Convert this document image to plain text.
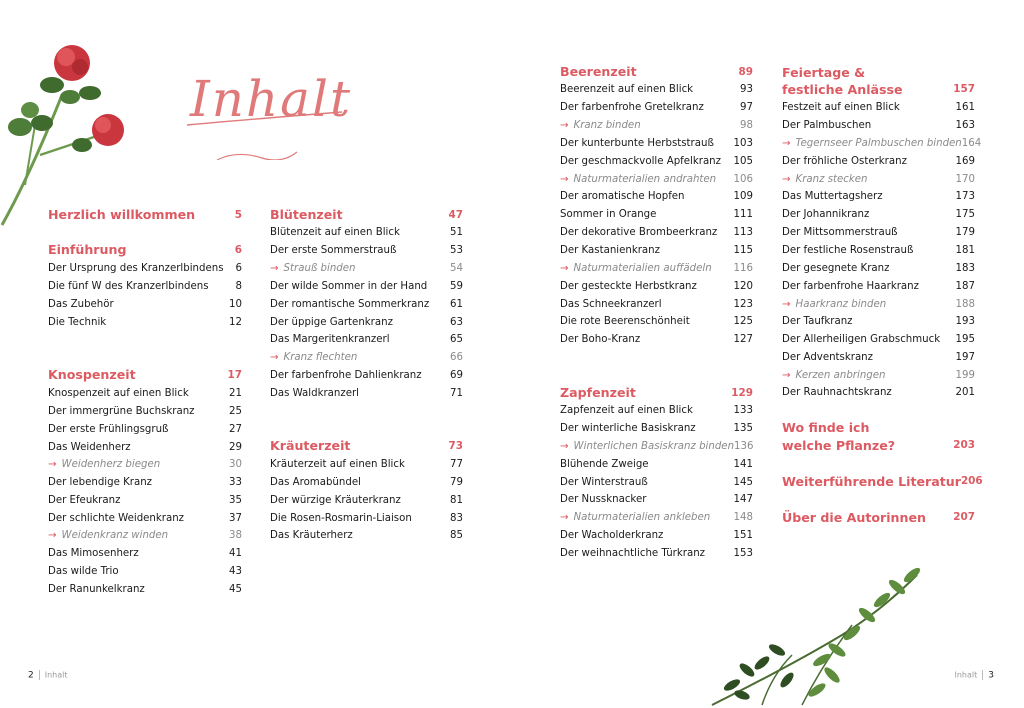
Inhalt
Herzlich willkommen	5
Einführung	6
Der Ursprung des Kranzerlbindens 6
Die fünf W des Kranzerlbindens	8
Das Zubehör	10
Die Technik	12
Knospenzeit	17
Knospenzeit auf einen Blick	21
Der immergrüne Buchskranz	25
Der erste Frühlingsgruß	27
Das Weidenherz	29
→ Weidenherz biegen	30
Der lebendige Kranz	33
Der Efeukranz	35
Der schlichte Weidenkranz	37
→ Weidenkranz winden	38
Das Mimosenherz	41
Das wilde Trio	43
Der Ranunkelkranz	45
Blütenzeit	47
Blütenzeit auf einen Blick	51
Der erste Sommerstrauß	53
→ Strauß binden	54
Der wilde Sommer in der Hand 59
Der romantische Sommerkranz 61
Der üppige Gartenkranz	63
Das Margeritenkranzerl	65
→ Kranz flechten	66
Der farbenfrohe Dahlienkranz	69
Das Waldkranzerl	71
Kräuterzeit	73
Kräuterzeit auf einen Blick	77
Das Aromabündel	79
Der würzige Kräuterkranz	81
Die Rosen-Rosmarin-Liaison	83
Das Kräuterherz	85
2 Inhalt
Beerenzeit	89
Beerenzeit auf einen Blick	93
Der farbenfrohe Gretelkranz	97
→ Kranz binden	98
Der kunterbunte Herbststrauß 103
Der geschmackvolle Apfelkranz 105
→ Naturmaterialien andrahten 106
Der aromatische Hopfen	109
Sommer in Orange	111
Der dekorative Brombeerkranz 113
Der Kastanienkranz	115
→ Naturmaterialien auffädeln 116
Der gesteckte Herbstkranz	120
Das Schneekranzerl	123
Die rote Beerenschönheit	125
Der Boho-Kranz	127
Zapfenzeit	129
Zapfenzeit auf einen Blick	133
Der winterliche Basiskranz	135
→ Winterlichen Basiskranz binden 136
Blühende Zweige	141
Der Winterstrauß	145
Der Nussknacker	147
→ Naturmaterialien ankleben 148
Der Wacholderkranz	151
Der weihnachtliche Türkranz	153
Feiertage &
festliche Anlässe	157
Festzeit auf einen Blick	161
Der Palmbuschen	163
→ Tegernseer Palmbuschen binden 164
Der fröhliche Osterkranz	169
→ Kranz stecken	170
Das Muttertagsherz	173
Der Johannikranz	175
Der Mittsommerstrauß	179
Der festliche Rosenstrauß	181
Der gesegnete Kranz	183
Der farbenfrohe Haarkranz	187
→ Haarkranz binden	188
Der Taufkranz	193
Der Allerheiligen Grabschmuck 195
Der Adventskranz	197
→ Kerzen anbringen	199
Der Rauhnachtskranz	201
Wo finde ich
welche Pflanze?	203
Weiterführende Literatur 206
Über die Autorinnen	207
Inhalt 3
